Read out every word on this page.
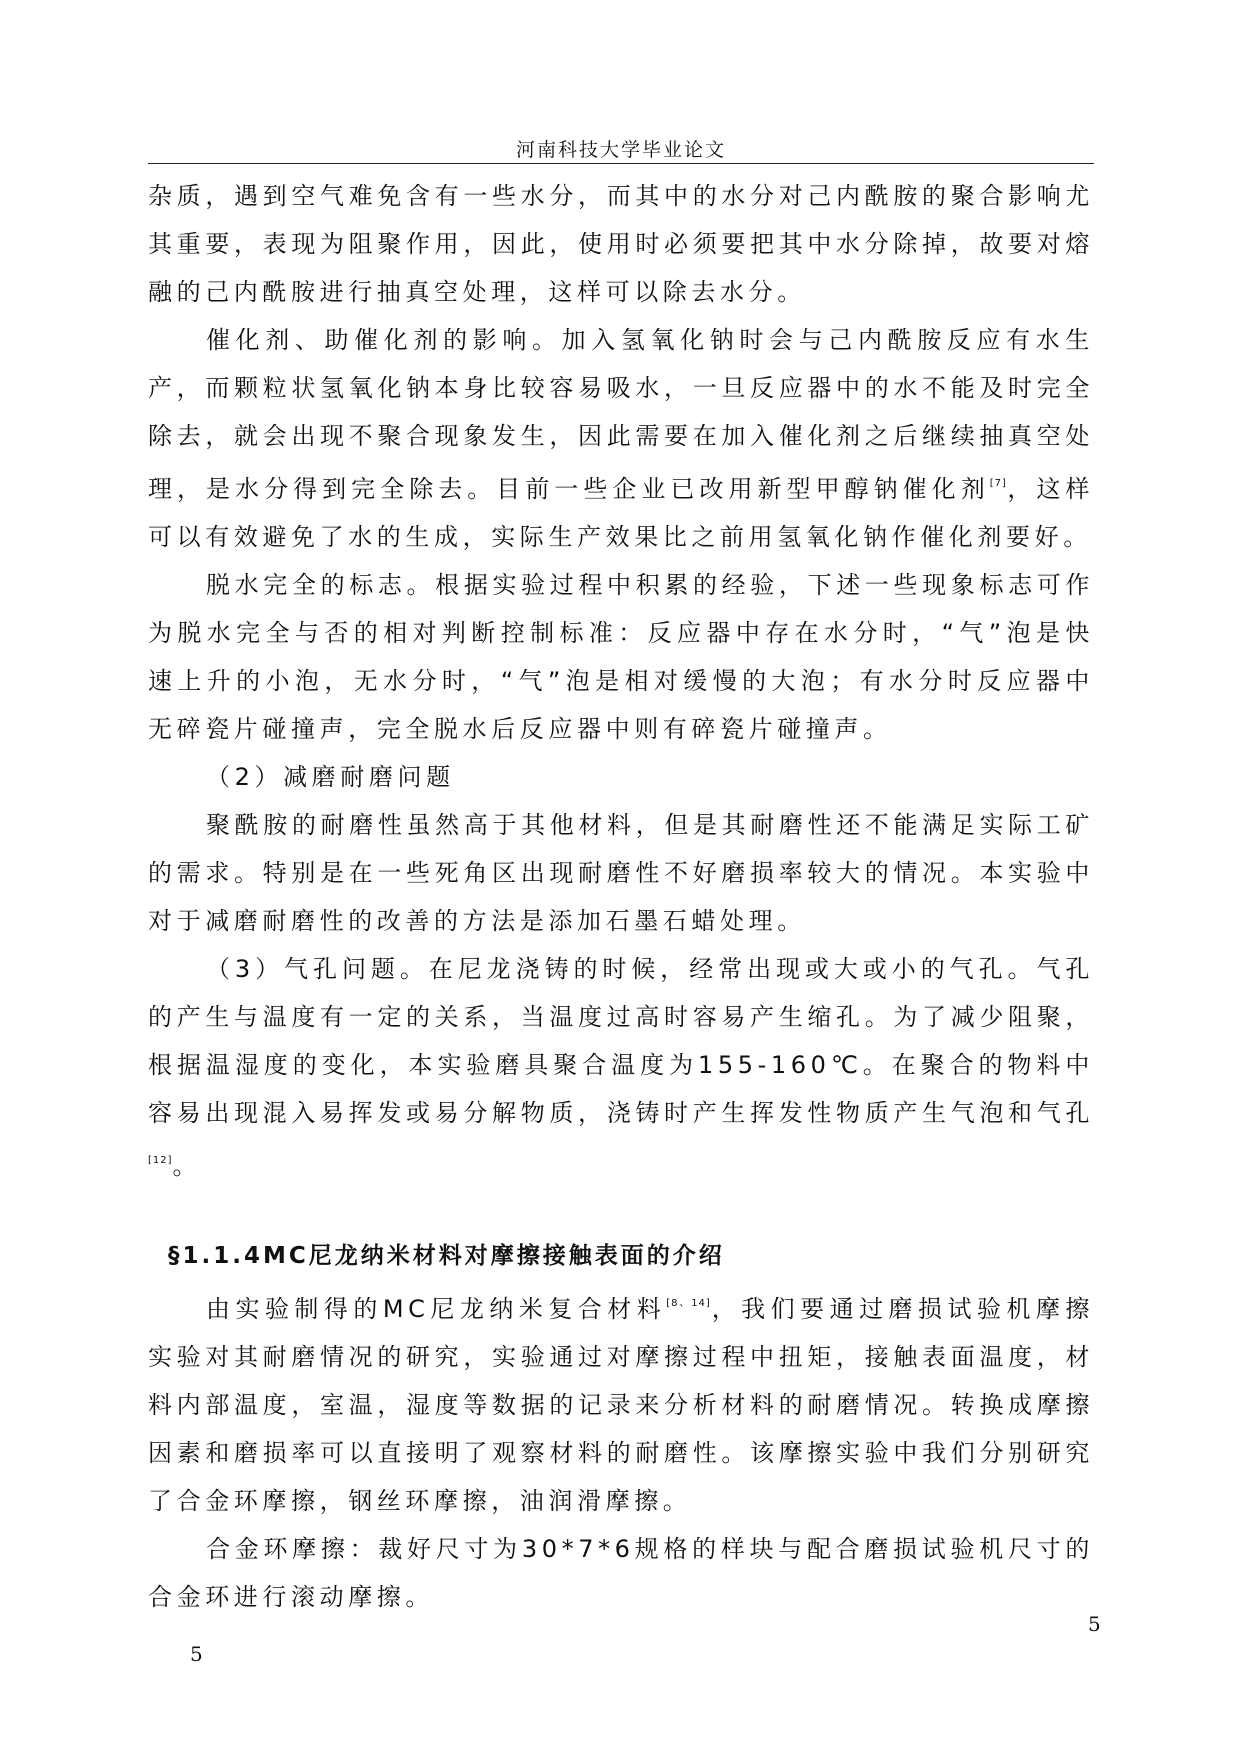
河南科技大学毕业论文

杂质，遇到空气难免含有一些水分，而其中的水分对己内酰胺的聚合影响尤其重要，表现为阻聚作用，因此，使用时必须要把其中水分除掉，故要对熔融的己内酰胺进行抽真空处理，这样可以除去水分。

催化剂、助催化剂的影响。加入氢氧化钠时会与己内酰胺反应有水生产，而颗粒状氢氧化钠本身比较容易吸水，一旦反应器中的水不能及时完全除去，就会出现不聚合现象发生，因此需要在加入催化剂之后继续抽真空处理，是水分得到完全除去。目前一些企业已改用新型甲醇钠催化剂[7]，这样可以有效避免了水的生成，实际生产效果比之前用氢氧化钠作催化剂要好。

脱水完全的标志。根据实验过程中积累的经验，下述一些现象标志可作为脱水完全与否的相对判断控制标准：反应器中存在水分时，“气”泡是快速上升的小泡，无水分时，“气”泡是相对缓慢的大泡；有水分时反应器中无碎瓷片碰撞声，完全脱水后反应器中则有碎瓷片碰撞声。

（2）减磨耐磨问题

聚酰胺的耐磨性虽然高于其他材料，但是其耐磨性还不能满足实际工矿的需求。特别是在一些死角区出现耐磨性不好磨损率较大的情况。本实验中对于减磨耐磨性的改善的方法是添加石墨石蜡处理。

（3）气孔问题。在尼龙浇铸的时候，经常出现或大或小的气孔。气孔的产生与温度有一定的关系，当温度过高时容易产生缩孔。为了减少阻聚，根据温湿度的变化，本实验磨具聚合温度为155-160℃。在聚合的物料中容易出现混入易挥发或易分解物质，浇铸时产生挥发性物质产生气泡和气孔[12]。

§1.1.4MC尼龙纳米材料对摩擦接触表面的介绍

由实验制得的MC尼龙纳米复合材料[8、14]，我们要通过磨损试验机摩擦实验对其耐磨情况的研究，实验通过对摩擦过程中扭矩，接触表面温度，材料内部温度，室温，湿度等数据的记录来分析材料的耐磨情况。转换成摩擦因素和磨损率可以直接明了观察材料的耐磨性。该摩擦实验中我们分别研究了合金环摩擦，钢丝环摩擦，油润滑摩擦。

合金环摩擦：裁好尺寸为30*7*6规格的样块与配合磨损试验机尺寸的合金环进行滚动摩擦。

5
5
